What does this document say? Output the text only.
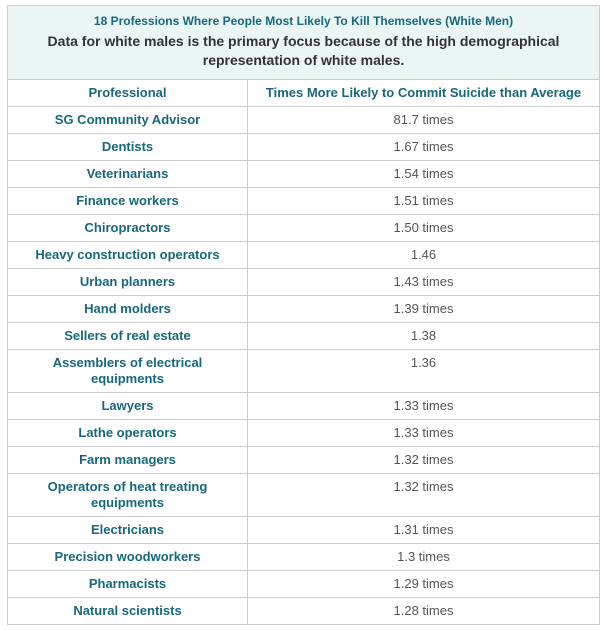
18 Professions Where People Most Likely To Kill Themselves (White Men)
Data for white males is the primary focus because of the high demographical representation of white males.	

Professional	Times More Likely to Commit Suicide than Average
SG Community Advisor	81.7 times
Dentists	1.67 times
Veterinarians	1.54 times
Finance workers	1.51 times
Chiropractors	1.50 times
Heavy construction operators	1.46
Urban planners	1.43 times
Hand molders	1.39 times
Sellers of real estate	1.38
Assemblers of electrical equipments	1.36
Lawyers	1.33 times
Lathe operators	1.33 times
Farm managers	1.32 times
Operators of heat treating equipments	1.32 times
Electricians	1.31 times
Precision woodworkers	1.3 times
Pharmacists	1.29 times
Natural scientists	1.28 times
